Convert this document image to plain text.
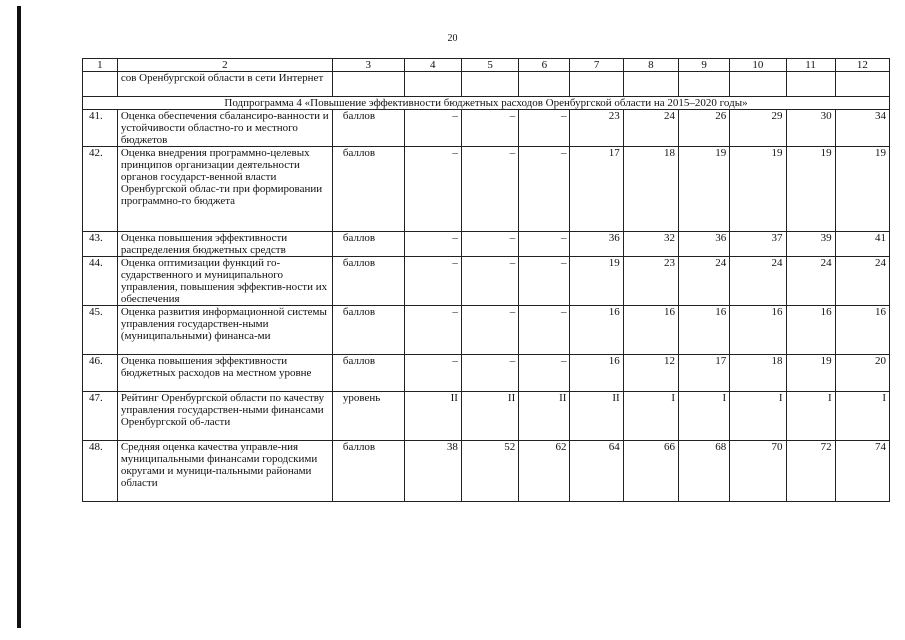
20
1	2	3	4	5	6	7	8	9	10	11	12
	сов Оренбургской области в сети Интернет										
Подпрограмма 4 «Повышение эффективности бюджетных расходов Оренбургской области на 2015–2020 годы»											
41.	Оценка обеспечения сбалансиро-ванности и устойчивости областно-го и местного бюджетов	баллов	–	–	–	23	24	26	29	30	34
42.	Оценка внедрения программно-целевых принципов организации деятельности органов государст-венной власти Оренбургской облас-ти при формировании программно-го бюджета	баллов	–	–	–	17	18	19	19	19	19
43.	Оценка повышения эффективности распределения бюджетных средств	баллов	–	–	–	36	32	36	37	39	41
44.	Оценка оптимизации функций го-сударственного и муниципального управления, повышения эффектив-ности их обеспечения	баллов	–	–	–	19	23	24	24	24	24
45.	Оценка развития информационной системы управления государствен-ными (муниципальными) финанса-ми	баллов	–	–	–	16	16	16	16	16	16
46.	Оценка повышения эффективности бюджетных расходов на местном уровне	баллов	–	–	–	16	12	17	18	19	20
47.	Рейтинг Оренбургской области по качеству управления государствен-ными финансами Оренбургской об-ласти	уровень	II	II	II	II	I	I	I	I	I
48.	Средняя оценка качества управле-ния муниципальными финансами городскими округами и муници-пальными районами области	баллов	38	52	62	64	66	68	70	72	74
